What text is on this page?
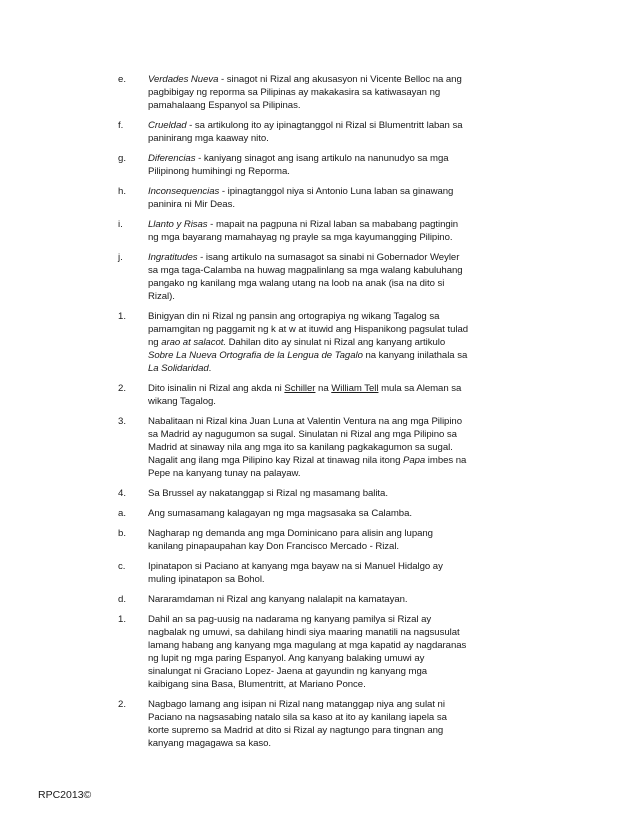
e. Verdades Nueva - sinagot ni Rizal ang akusasyon ni Vicente Belloc na ang pagbibigay ng reporma sa Pilipinas ay makakasira sa katiwasayan ng pamahalaang Espanyol sa Pilipinas.
f.	Crueldad - sa artikulong ito ay ipinagtanggol ni Rizal si Blumentritt laban sa paninirang mga kaaway nito.
g. Diferencias - kaniyang sinagot ang isang artikulo na nanunudyo sa mga Pilipinong humihingi ng Reporma.
h. Inconsequencias - ipinagtanggol niya si Antonio Luna laban sa ginawang paninira ni Mir Deas.
i.	Llanto y Risas - mapait na pagpuna ni Rizal laban sa mababang pagtingin ng mga bayarang mamahayag ng prayle sa mga kayumangging Pilipino.
j.	Ingratitudes - isang artikulo na sumasagot sa sinabi ni Gobernador Weyler sa mga taga-Calamba na huwag magpalinlang sa mga walang kabuluhang pangako ng kanilang mga walang utang na loob na anak (isa na dito si Rizal).
1. Binigyan din ni Rizal ng pansin ang ortograpiya ng wikang Tagalog sa pamamgitan ng paggamit ng k at w at ituwid ang Hispanikong pagsulat tulad ng arao at salacot. Dahilan dito ay sinulat ni Rizal ang kanyang artikulo Sobre La Nueva Ortografia de la Lengua de Tagalo na kanyang inilathala sa La Solidaridad.
2. Dito isinalin ni Rizal ang akda ni Schiller na William Tell mula sa Aleman sa wikang Tagalog.
3. Nabalitaan ni Rizal kina Juan Luna at Valentin Ventura na ang mga Pilipino sa Madrid ay nagugumon sa sugal. Sinulatan ni Rizal ang mga Pilipino sa Madrid at sinaway nila ang mga ito sa kanilang pagkakagumon sa sugal. Nagalit ang ilang mga Pilipino kay Rizal at tinawag nila itong Papa imbes na Pepe na kanyang tunay na palayaw.
4. Sa Brussel ay nakatanggap si Rizal ng masamang balita.
a. Ang sumasamang kalagayan ng mga magsasaka sa Calamba.
b. Nagharap ng demanda ang mga Dominicano para alisin ang lupang kanilang pinapaupahan kay Don Francisco Mercado - Rizal.
c. Ipinatapon si Paciano at kanyang mga bayaw na si Manuel Hidalgo ay muling ipinatapon sa Bohol.
d. Nararamdaman ni Rizal ang kanyang nalalapit na kamatayan.
1. Dahil an sa pag-uusig na nadarama ng kanyang pamilya si Rizal ay nagbalak ng umuwi, sa dahilang hindi siya maaring manatili na nagsusulat lamang habang ang kanyang mga magulang at mga kapatid ay nagdaranas ng lupit ng mga paring Espanyol. Ang kanyang balaking umuwi ay sinalungat ni Graciano Lopez- Jaena at gayundin ng kanyang mga kaibigang sina Basa, Blumentritt, at Mariano Ponce.
2. Nagbago lamang ang isipan ni Rizal nang matanggap niya ang sulat ni Paciano na nagsasabing natalo sila sa kaso at ito ay kanilang iapela sa korte supremo sa Madrid at dito si Rizal ay nagtungo para tingnan ang kanyang magagawa sa kaso.
RPC2013©
